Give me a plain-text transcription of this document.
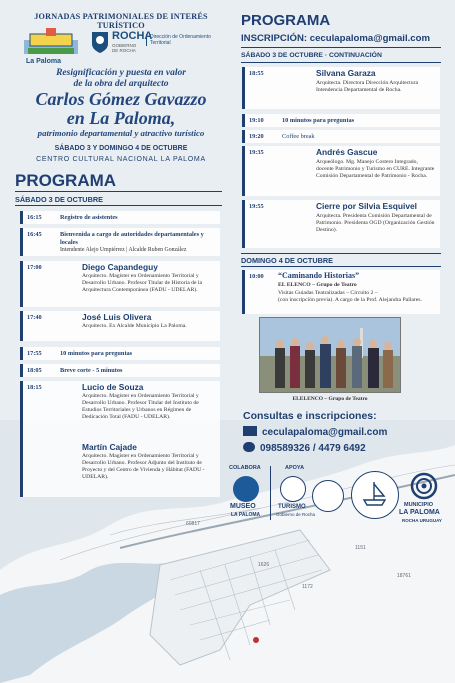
60817
1626
1151
18761
1172
JORNADAS PATRIMONIALES DE INTERÉS TURÍSTICO
La Paloma
ROCHA
GOBIERNO DE ROCHA
Dirección de Ordenamiento Territorial
Resignificación y puesta en valor
de la obra del arquitecto
Carlos Gómez Gavazzo
en La Paloma,
patrimonio departamental y atractivo turístico
SÁBADO 3 Y DOMINGO 4 DE OCTUBRE
CENTRO CULTURAL NACIONAL LA PALOMA
PROGRAMA
SÁBADO 3 DE OCTUBRE
16:15	Registro de asistentes
16:45	Bienvenida a cargo de autoridades departamentales y locales
Intendente Alejo Umpiérrez | Alcalde Ruben González
17:00	Diego Capandeguy
Arquitecto. Magister en Ordenamiento Territorial y Desarrollo Urbano. Profesor Titular de Historia de la Arquitectura Contemporánea (FADU - UDELAR).
17:40	José Luis Olivera
Arquitecto. Ex Alcalde Municipio La Paloma.
17:55	10 minutos para preguntas
18:05	Breve corte - 5 minutos
18:15	Lucio de Souza
Arquitecto. Magister en Ordenamiento Territorial y Desarrollo Urbano. Profesor Titular del Instituto de Estudios Territoriales y Urbanos en Régimen de Dedicación Total (FADU - UDELAR).
Martín Cajade
Arquitecto. Magister en Ordenamiento Territorial y Desarrollo Urbano. Profesor Adjunto del Instituto de Proyecto y del Centro de Vivienda y Hábitat (FADU - UDELAR).
PROGRAMA
INSCRIPCIÓN: ceculapaloma@gmail.com
SÁBADO 3 DE OCTUBRE · CONTINUACIÓN
18:55	Silvana Garaza
Arquitecta. Directora Dirección Arquitectura Intendencia Departamental de Rocha.
19:10	10 minutos para preguntas
19:20	Coffee break
19:35	Andrés Gascue
Arqueólogo. Mg. Manejo Costero Integrado, docente Patrimonio y Turismo en CURE. Integrante Comisión Departamental de Patrimonio - Rocha.
19:55	Cierre por Silvia Esquivel
Arquitecta. Presidenta Comisión Departamental de Patrimonio. Presidenta OGD (Organización Gestión Destino).
DOMINGO 4 DE OCTUBRE
10:00 “Caminando Historias”
EL ELENCO – Grupo de Teatro
Visitas Guiadas Teatralizadas – Circuito 2 –
(con inscripción previa). A cargo de la Prof. Alejandra Pallares.
ELELENCO – Grupo de Teatro
Consultas e inscripciones:
ceculapaloma@gmail.com
098589326 / 4479 6492
COLABORA	APOYA
MUSEO
LA PALOMA
TURISMO
Gobierno de Rocha
MUNICIPIO
LA PALOMA
ROCHA URUGUAY
